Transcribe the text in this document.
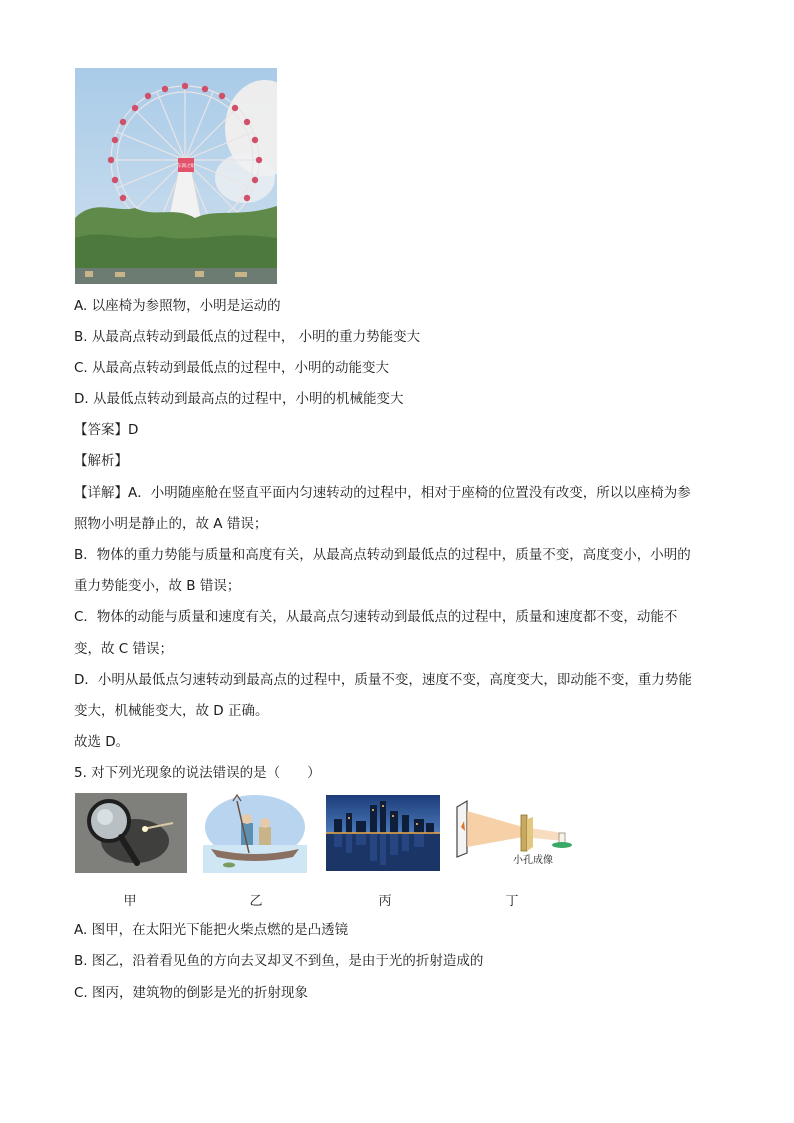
东湖之眼
A. 以座椅为参照物，小明是运动的
B. 从最高点转动到最低点的过程中， 小明的重力势能变大
C. 从最高点转动到最低点的过程中，小明的动能变大
D. 从最低点转动到最高点的过程中，小明的机械能变大
【答案】D
【解析】
【详解】A．小明随座舱在竖直平面内匀速转动的过程中，相对于座椅的位置没有改变，所以以座椅为参
照物小明是静止的，故 A 错误；
B．物体的重力势能与质量和高度有关，从最高点转动到最低点的过程中，质量不变，高度变小，小明的
重力势能变小，故 B 错误；
C．物体的动能与质量和速度有关，从最高点匀速转动到最低点的过程中，质量和速度都不变，动能不
变，故 C 错误；
D．小明从最低点匀速转动到最高点的过程中，质量不变，速度不变，高度变大，即动能不变，重力势能
变大，机械能变大，故 D 正确。
故选 D。
5. 对下列光现象的说法错误的是（　　）
小孔成像
甲	乙	丙	丁
A. 图甲，在太阳光下能把火柴点燃的是凸透镜
B. 图乙，沿着看见鱼的方向去叉却叉不到鱼，是由于光的折射造成的
C. 图丙，建筑物的倒影是光的折射现象
